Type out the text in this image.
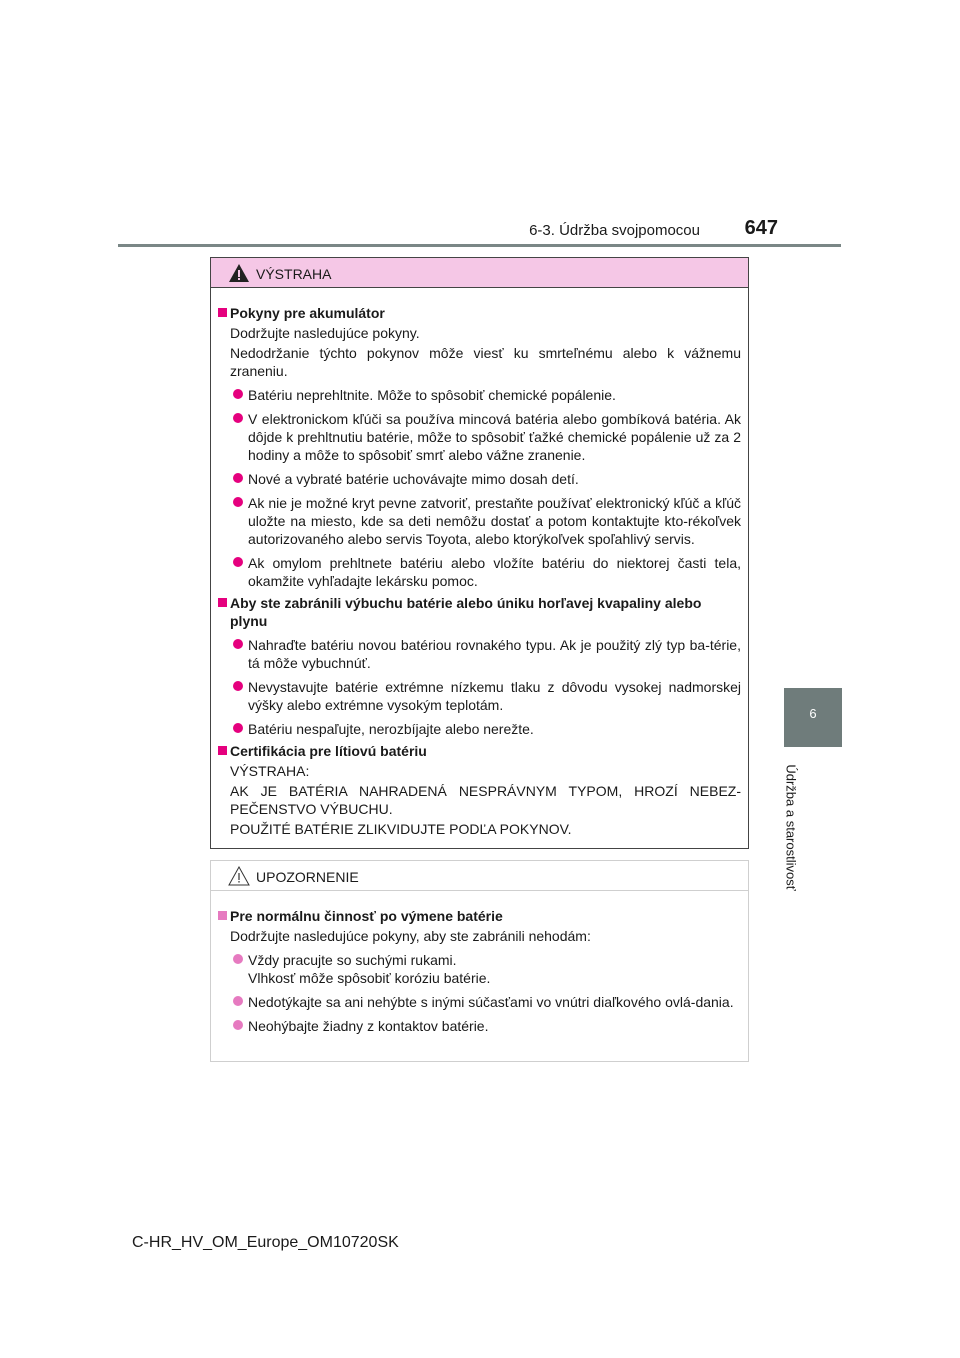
6-3. Údržba svojpomocou	647
6
Údržba a starostlivosť
VÝSTRAHA
Pokyny pre akumulátor
Dodržujte nasledujúce pokyny.
Nedodržanie týchto pokynov môže viesť ku smrteľnému alebo k vážnemu zraneniu.
Batériu neprehltnite. Môže to spôsobiť chemické popálenie.
V elektronickom kľúči sa používa mincová batéria alebo gombíková batéria. Ak dôjde k prehltnutiu batérie, môže to spôsobiť ťažké chemické popálenie už za 2 hodiny a môže to spôsobiť smrť alebo vážne zranenie.
Nové a vybraté batérie uchovávajte mimo dosah detí.
Ak nie je možné kryt pevne zatvoriť, prestaňte používať elektronický kľúč a kľúč uložte na miesto, kde sa deti nemôžu dostať a potom kontaktujte kto-rékoľvek autorizovaného alebo servis Toyota, alebo ktorýkoľvek spoľahlivý servis.
Ak omylom prehltnete batériu alebo vložíte batériu do niektorej časti tela, okamžite vyhľadajte lekársku pomoc.
Aby ste zabránili výbuchu batérie alebo úniku horľavej kvapaliny alebo plynu
Nahraďte batériu novou batériou rovnakého typu. Ak je použitý zlý typ ba-térie, tá môže vybuchnúť.
Nevystavujte batérie extrémne nízkemu tlaku z dôvodu vysokej nadmorskej výšky alebo extrémne vysokým teplotám.
Batériu nespaľujte, nerozbíjajte alebo nerežte.
Certifikácia pre lítiovú batériu
VÝSTRAHA:
AK JE BATÉRIA NAHRADENÁ NESPRÁVNYM TYPOM, HROZÍ NEBEZ-PEČENSTVO VÝBUCHU.
POUŽITÉ BATÉRIE ZLIKVIDUJTE PODĽA POKYNOV.
UPOZORNENIE
Pre normálnu činnosť po výmene batérie
Dodržujte nasledujúce pokyny, aby ste zabránili nehodám:
Vždy pracujte so suchými rukami.
Vlhkosť môže spôsobiť koróziu batérie.
Nedotýkajte sa ani nehýbte s inými súčasťami vo vnútri diaľkového ovlá-dania.
Neohýbajte žiadny z kontaktov batérie.
C-HR_HV_OM_Europe_OM10720SK
